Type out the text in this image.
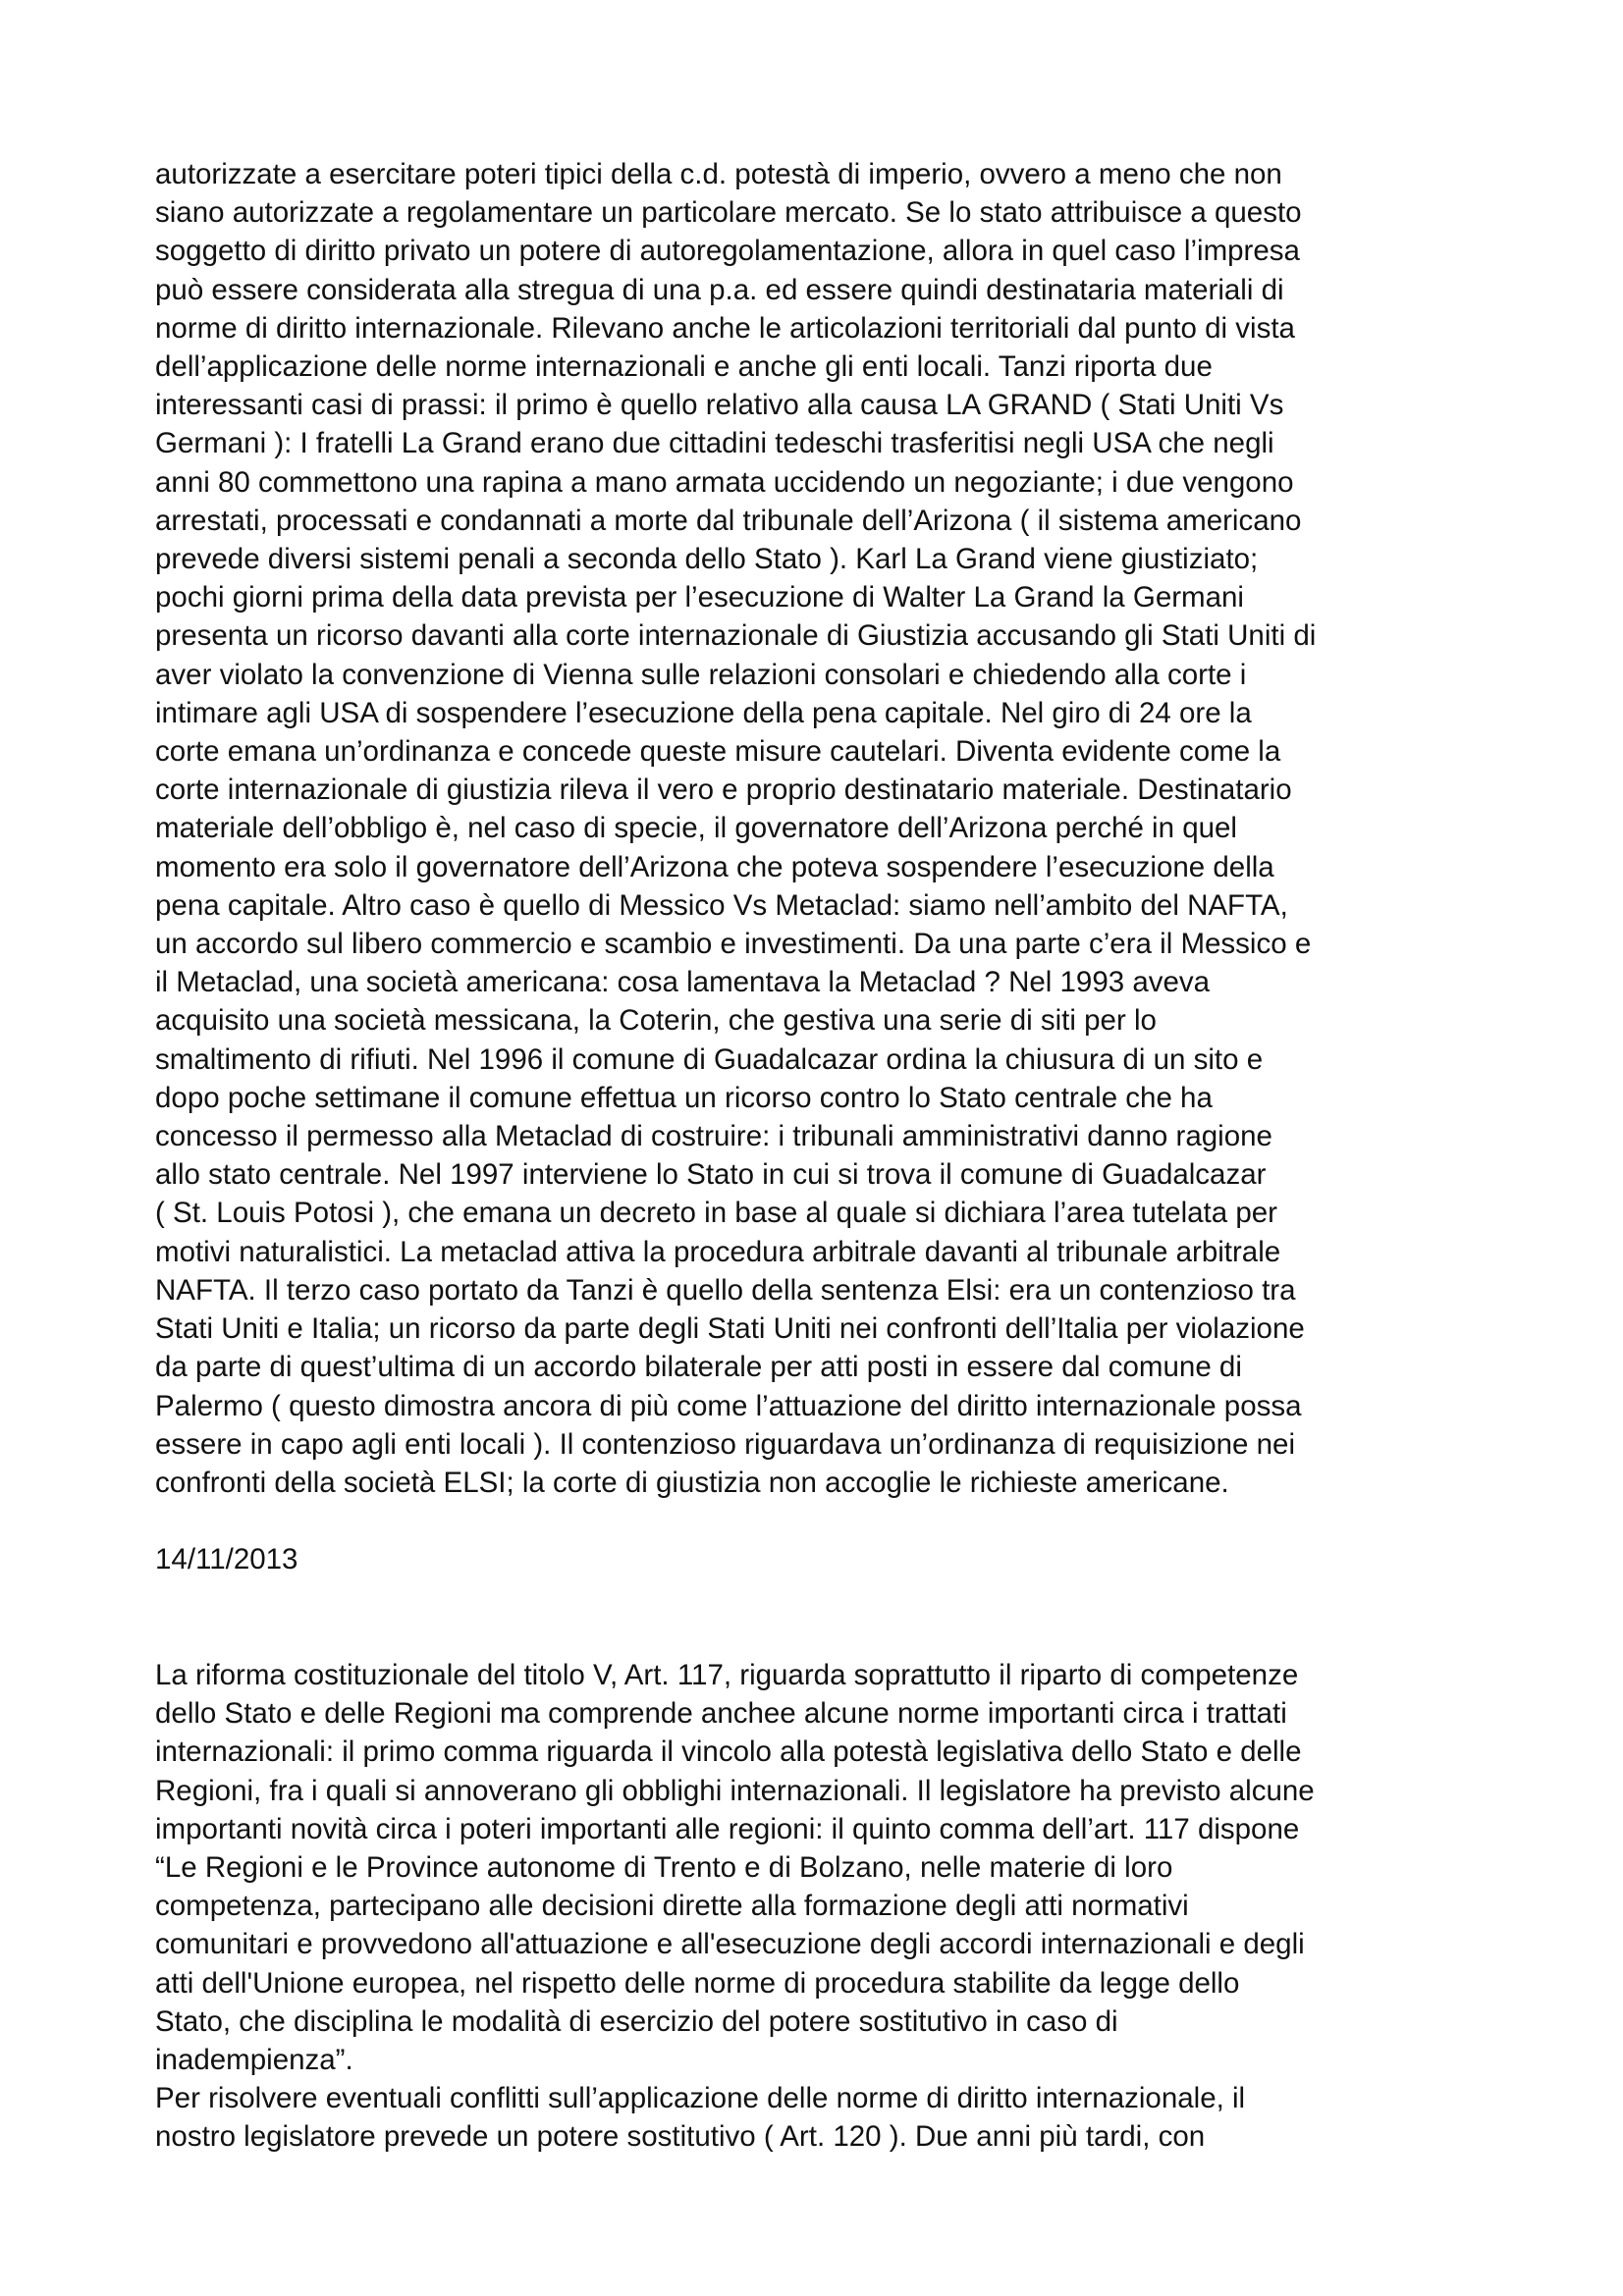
autorizzate a esercitare poteri tipici della c.d. potestà di imperio, ovvero a meno che non
siano autorizzate a regolamentare un particolare mercato. Se lo stato attribuisce a questo
soggetto di diritto privato un potere di autoregolamentazione, allora in quel caso l’impresa
può essere considerata alla stregua di una p.a. ed essere quindi destinataria materiali di
norme di diritto internazionale. Rilevano anche le articolazioni territoriali dal punto di vista
dell’applicazione delle norme internazionali e anche gli enti locali. Tanzi riporta due
interessanti casi di prassi: il primo è quello relativo alla causa LA GRAND ( Stati Uniti Vs
Germani ): I fratelli La Grand erano due cittadini tedeschi trasferitisi negli USA che negli
anni 80 commettono una rapina a mano armata uccidendo un negoziante; i due vengono
arrestati, processati e condannati a morte dal tribunale dell’Arizona ( il sistema americano
prevede diversi sistemi penali a seconda dello Stato ). Karl La Grand viene giustiziato;
pochi giorni prima della data prevista per l’esecuzione di Walter La Grand la Germani
presenta un ricorso davanti alla corte internazionale di Giustizia accusando gli Stati Uniti di
aver violato la convenzione di Vienna sulle relazioni consolari e chiedendo alla corte i
intimare agli USA di sospendere l’esecuzione della pena capitale. Nel giro di 24 ore la
corte emana un’ordinanza e concede queste misure cautelari. Diventa evidente come la
corte internazionale di giustizia rileva il vero e proprio destinatario materiale. Destinatario
materiale dell’obbligo è, nel caso di specie, il governatore dell’Arizona perché in quel
momento era solo il governatore dell’Arizona che poteva sospendere l’esecuzione della
pena capitale. Altro caso è quello di Messico Vs Metaclad: siamo nell’ambito del NAFTA,
un accordo sul libero commercio e scambio e investimenti. Da una parte c’era il Messico e
il Metaclad, una società americana: cosa lamentava la Metaclad ? Nel 1993 aveva
acquisito una società messicana, la Coterin, che gestiva una serie di siti per lo
smaltimento di rifiuti. Nel 1996 il comune di Guadalcazar ordina la chiusura di un sito e
dopo poche settimane il comune effettua un ricorso contro lo Stato centrale che ha
concesso il permesso alla Metaclad di costruire: i tribunali amministrativi danno ragione
allo stato centrale. Nel 1997 interviene lo Stato in cui si trova il comune di Guadalcazar
( St. Louis Potosi ), che emana un decreto in base al quale si dichiara l’area tutelata per
motivi naturalistici. La metaclad attiva la procedura arbitrale davanti al tribunale arbitrale
NAFTA. Il terzo caso portato da Tanzi è quello della sentenza Elsi: era un contenzioso tra
Stati Uniti e Italia; un ricorso da parte degli Stati Uniti nei confronti dell’Italia per violazione
da parte di quest’ultima di un accordo bilaterale per atti posti in essere dal comune di
Palermo ( questo dimostra ancora di più come l’attuazione del diritto internazionale possa
essere in capo agli enti locali ). Il contenzioso riguardava un’ordinanza di requisizione nei
confronti della società ELSI; la corte di giustizia non accoglie le richieste americane.

14/11/2013

La riforma costituzionale del titolo V, Art. 117, riguarda soprattutto il riparto di competenze
dello Stato e delle Regioni ma comprende anchee alcune norme importanti circa i trattati
internazionali: il primo comma riguarda il vincolo alla potestà legislativa dello Stato e delle
Regioni, fra i quali si annoverano gli obblighi internazionali. Il legislatore ha previsto alcune
importanti novità circa i poteri importanti alle regioni: il quinto comma dell’art. 117 dispone
“Le Regioni e le Province autonome di Trento e di Bolzano, nelle materie di loro
competenza, partecipano alle decisioni dirette alla formazione degli atti normativi
comunitari e provvedono all'attuazione e all'esecuzione degli accordi internazionali e degli
atti dell'Unione europea, nel rispetto delle norme di procedura stabilite da legge dello
Stato, che disciplina le modalità di esercizio del potere sostitutivo in caso di
inadempienza”.
Per risolvere eventuali conflitti sull’applicazione delle norme di diritto internazionale, il
nostro legislatore prevede un potere sostitutivo ( Art. 120 ). Due anni più tardi, con
